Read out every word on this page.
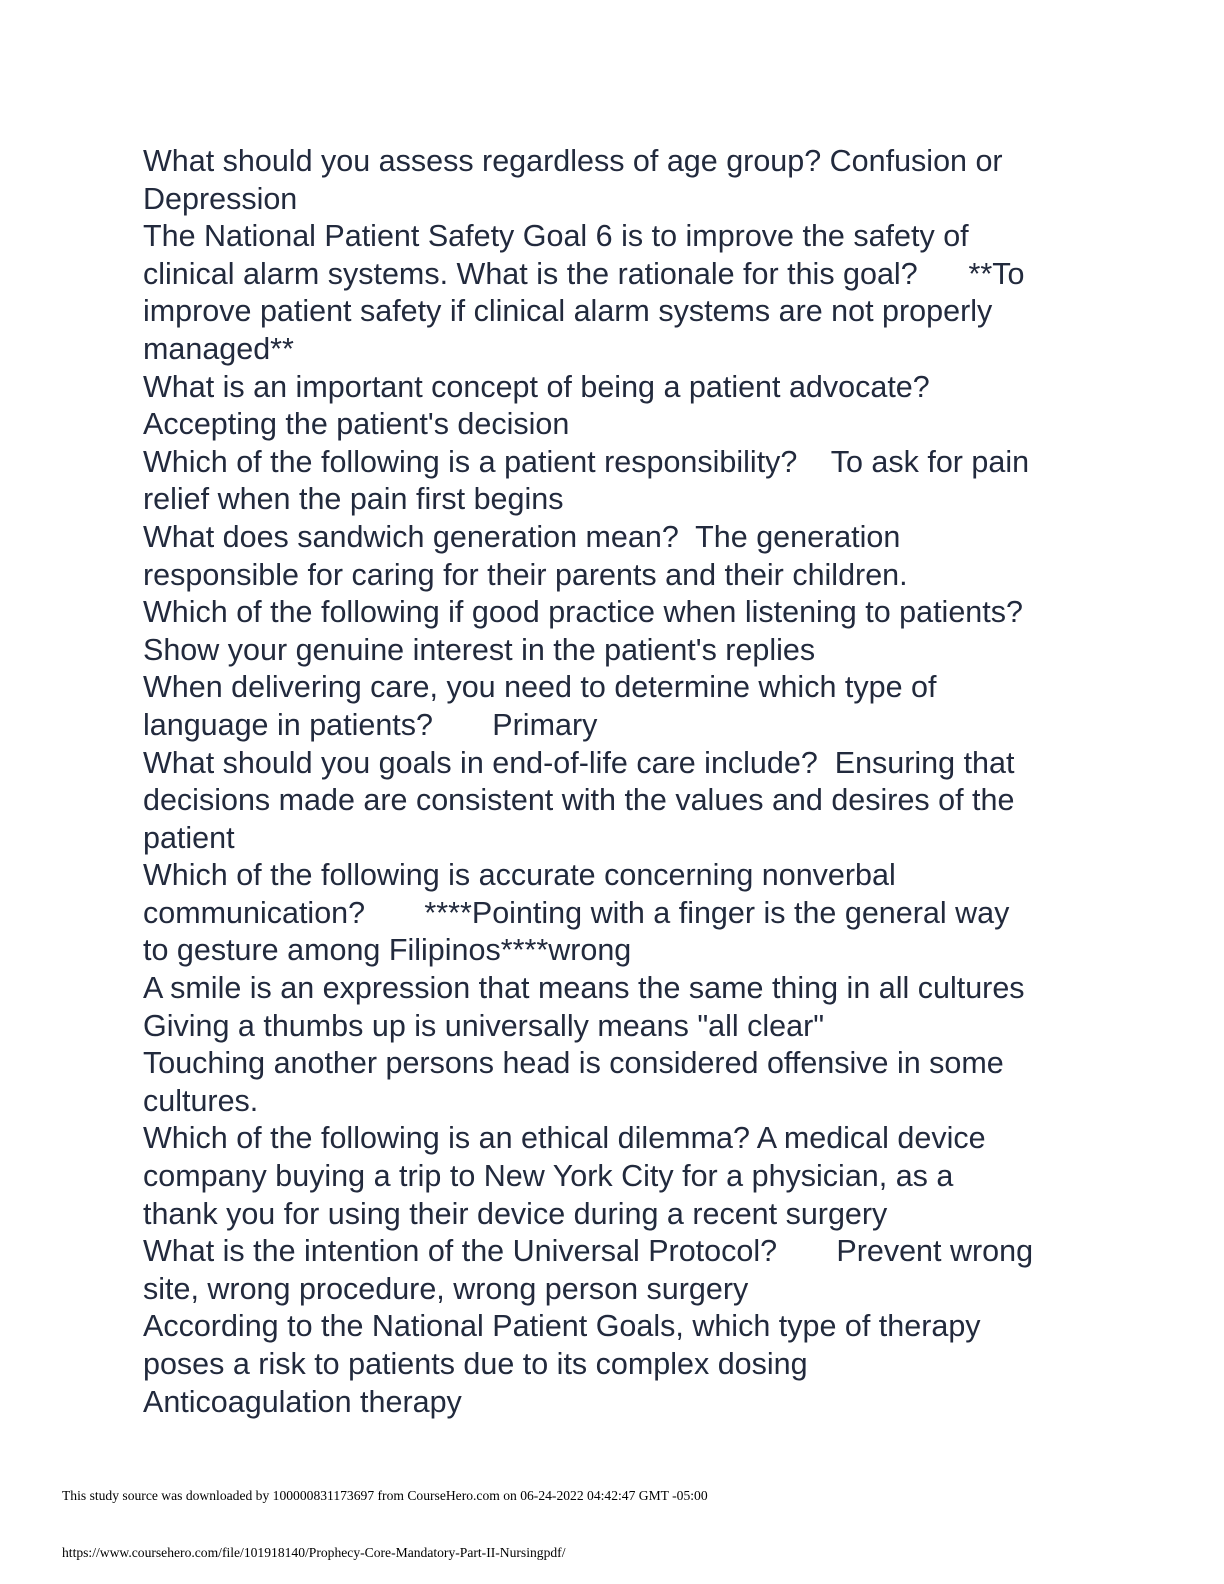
What should you assess regardless of age group? Confusion or
Depression
The National Patient Safety Goal 6 is to improve the safety of
clinical alarm systems. What is the rationale for this goal?      **To
improve patient safety if clinical alarm systems are not properly
managed**
What is an important concept of being a patient advocate?
Accepting the patient's decision
Which of the following is a patient responsibility?    To ask for pain
relief when the pain first begins
What does sandwich generation mean?  The generation
responsible for caring for their parents and their children.
Which of the following if good practice when listening to patients?
Show your genuine interest in the patient's replies
When delivering care, you need to determine which type of
language in patients?       Primary
What should you goals in end-of-life care include?  Ensuring that
decisions made are consistent with the values and desires of the
patient
Which of the following is accurate concerning nonverbal
communication?       ****Pointing with a finger is the general way
to gesture among Filipinos****wrong
A smile is an expression that means the same thing in all cultures
Giving a thumbs up is universally means "all clear"
Touching another persons head is considered offensive in some
cultures.
Which of the following is an ethical dilemma? A medical device
company buying a trip to New York City for a physician, as a
thank you for using their device during a recent surgery
What is the intention of the Universal Protocol?       Prevent wrong
site, wrong procedure, wrong person surgery
According to the National Patient Goals, which type of therapy
poses a risk to patients due to its complex dosing
Anticoagulation therapy
This study source was downloaded by 100000831173697 from CourseHero.com on 06-24-2022 04:42:47 GMT -05:00
https://www.coursehero.com/file/101918140/Prophecy-Core-Mandatory-Part-II-Nursingpdf/
